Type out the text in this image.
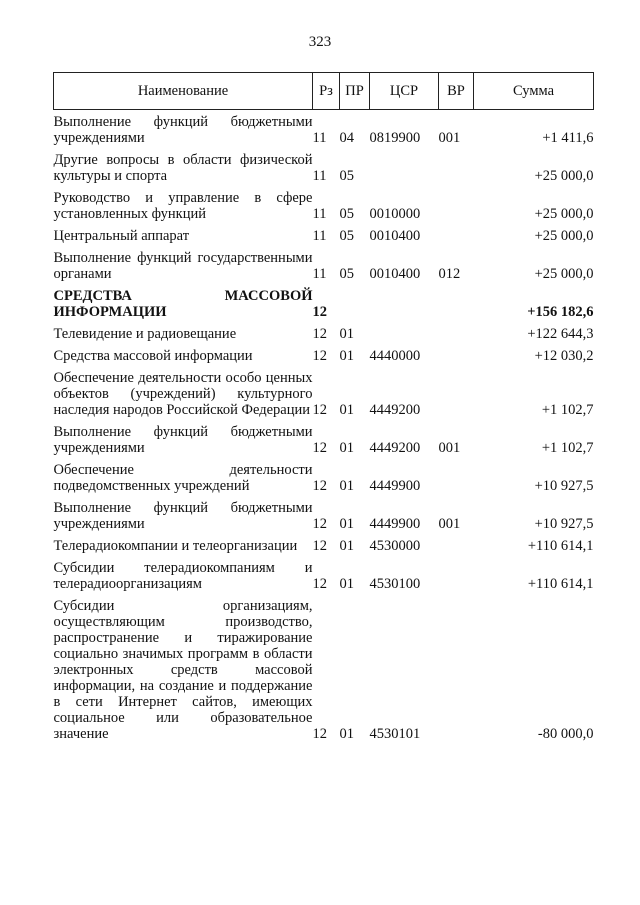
323
Наименование	Рз	ПР	ЦСР	ВР	Сумма
Выполнение функций бюджетными учреждениями	11	04	0819900	001	+1 411,6
Другие вопросы в области физической культуры и спорта	11	05			+25 000,0
Руководство и управление в сфере установленных функций	11	05	0010000		+25 000,0
Центральный аппарат	11	05	0010400		+25 000,0
Выполнение функций государственными органами	11	05	0010400	012	+25 000,0
СРЕДСТВА МАССОВОЙ ИНФОРМАЦИИ	12				+156 182,6
Телевидение и радиовещание	12	01			+122 644,3
Средства массовой информации	12	01	4440000		+12 030,2
Обеспечение деятельности особо ценных объектов (учреждений) культурного наследия народов Российской Федерации	12	01	4449200		+1 102,7
Выполнение функций бюджетными учреждениями	12	01	4449200	001	+1 102,7
Обеспечение деятельности подведомственных учреждений	12	01	4449900		+10 927,5
Выполнение функций бюджетными учреждениями	12	01	4449900	001	+10 927,5
Телерадиокомпании и телеорганизации	12	01	4530000		+110 614,1
Субсидии телерадиокомпаниям и телерадиоорганизациям	12	01	4530100		+110 614,1
Субсидии организациям, осуществляющим производство, распространение и тиражирование социально значимых программ в области электронных средств массовой информации, на создание и поддержание в сети Интернет сайтов, имеющих социальное или образовательное значение	12	01	4530101		-80 000,0
